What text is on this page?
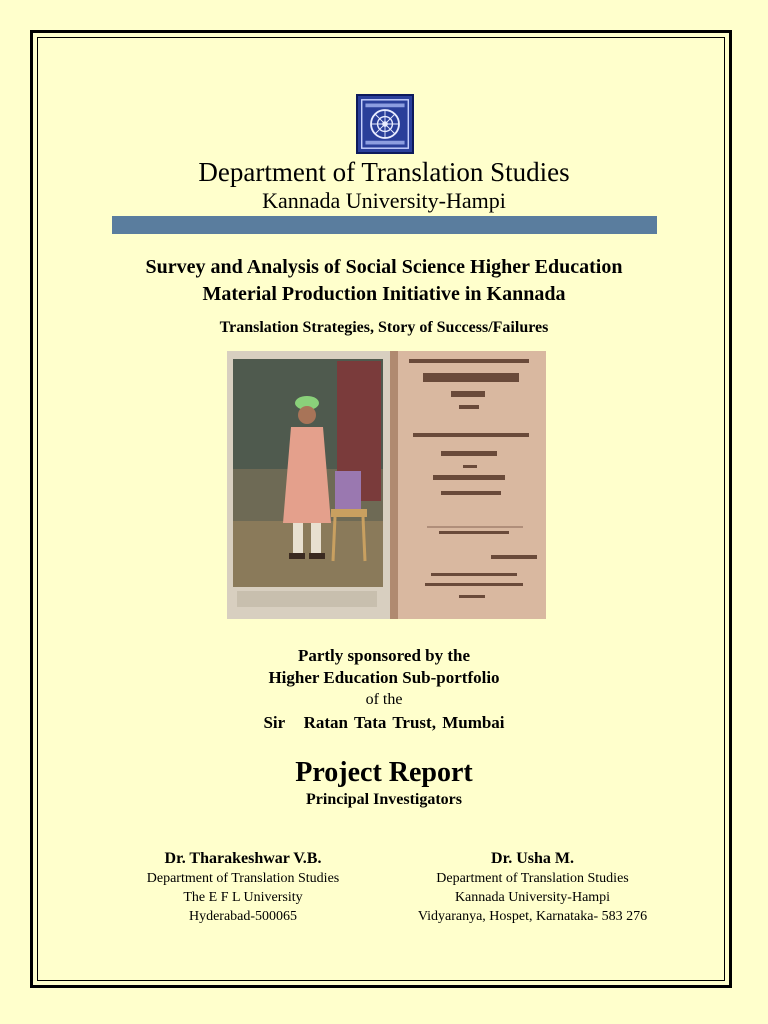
Department of Translation Studies
Kannada University-Hampi
Survey and Analysis of Social Science Higher Education
Material Production Initiative in Kannada
Translation Strategies, Story of Success/Failures
Partly sponsored by the
Higher Education Sub-portfolio
of the
Sir   Ratan Tata Trust, Mumbai
Project Report
Principal Investigators
Dr. Tharakeshwar V.B.
Department of Translation Studies
The E F L University
Hyderabad-500065
Dr. Usha M.
Department of Translation Studies
Kannada University-Hampi
Vidyaranya, Hospet, Karnataka- 583 276
